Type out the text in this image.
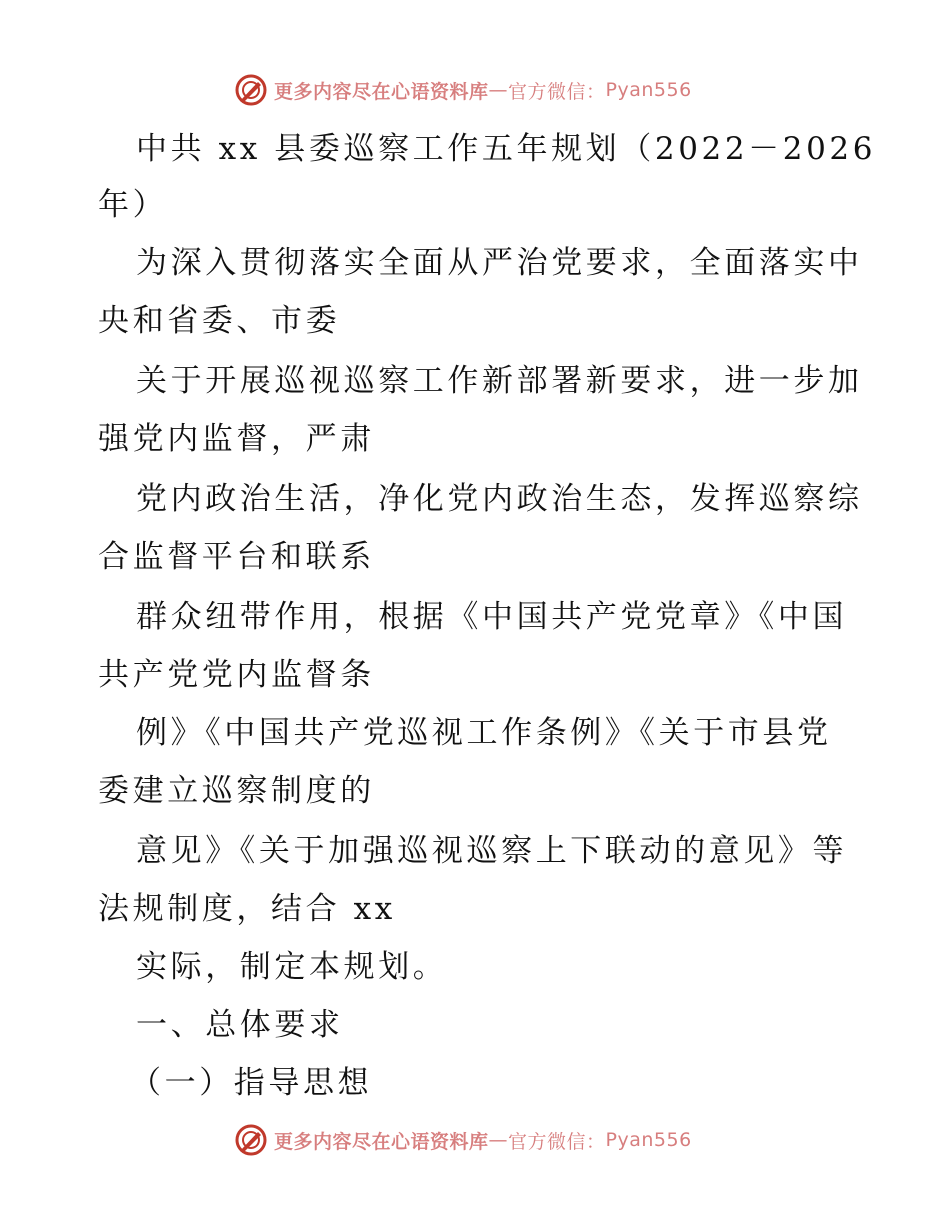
更多内容尽在心语资料库 — 官方微信： Pyan556
中共 xx 县委巡察工作五年规划（2022－2026
年）
为深入贯彻落实全面从严治党要求，全面落实中
央和省委、市委
关于开展巡视巡察工作新部署新要求，进一步加
强党内监督，严肃
党内政治生活，净化党内政治生态，发挥巡察综
合监督平台和联系
群众纽带作用，根据《中国共产党党章》《中国
共产党党内监督条
例》《中国共产党巡视工作条例》《关于市县党
委建立巡察制度的
意见》《关于加强巡视巡察上下联动的意见》等
法规制度，结合 xx
实际，制定本规划。
一、总体要求
（一）指导思想
更多内容尽在心语资料库 — 官方微信： Pyan556
